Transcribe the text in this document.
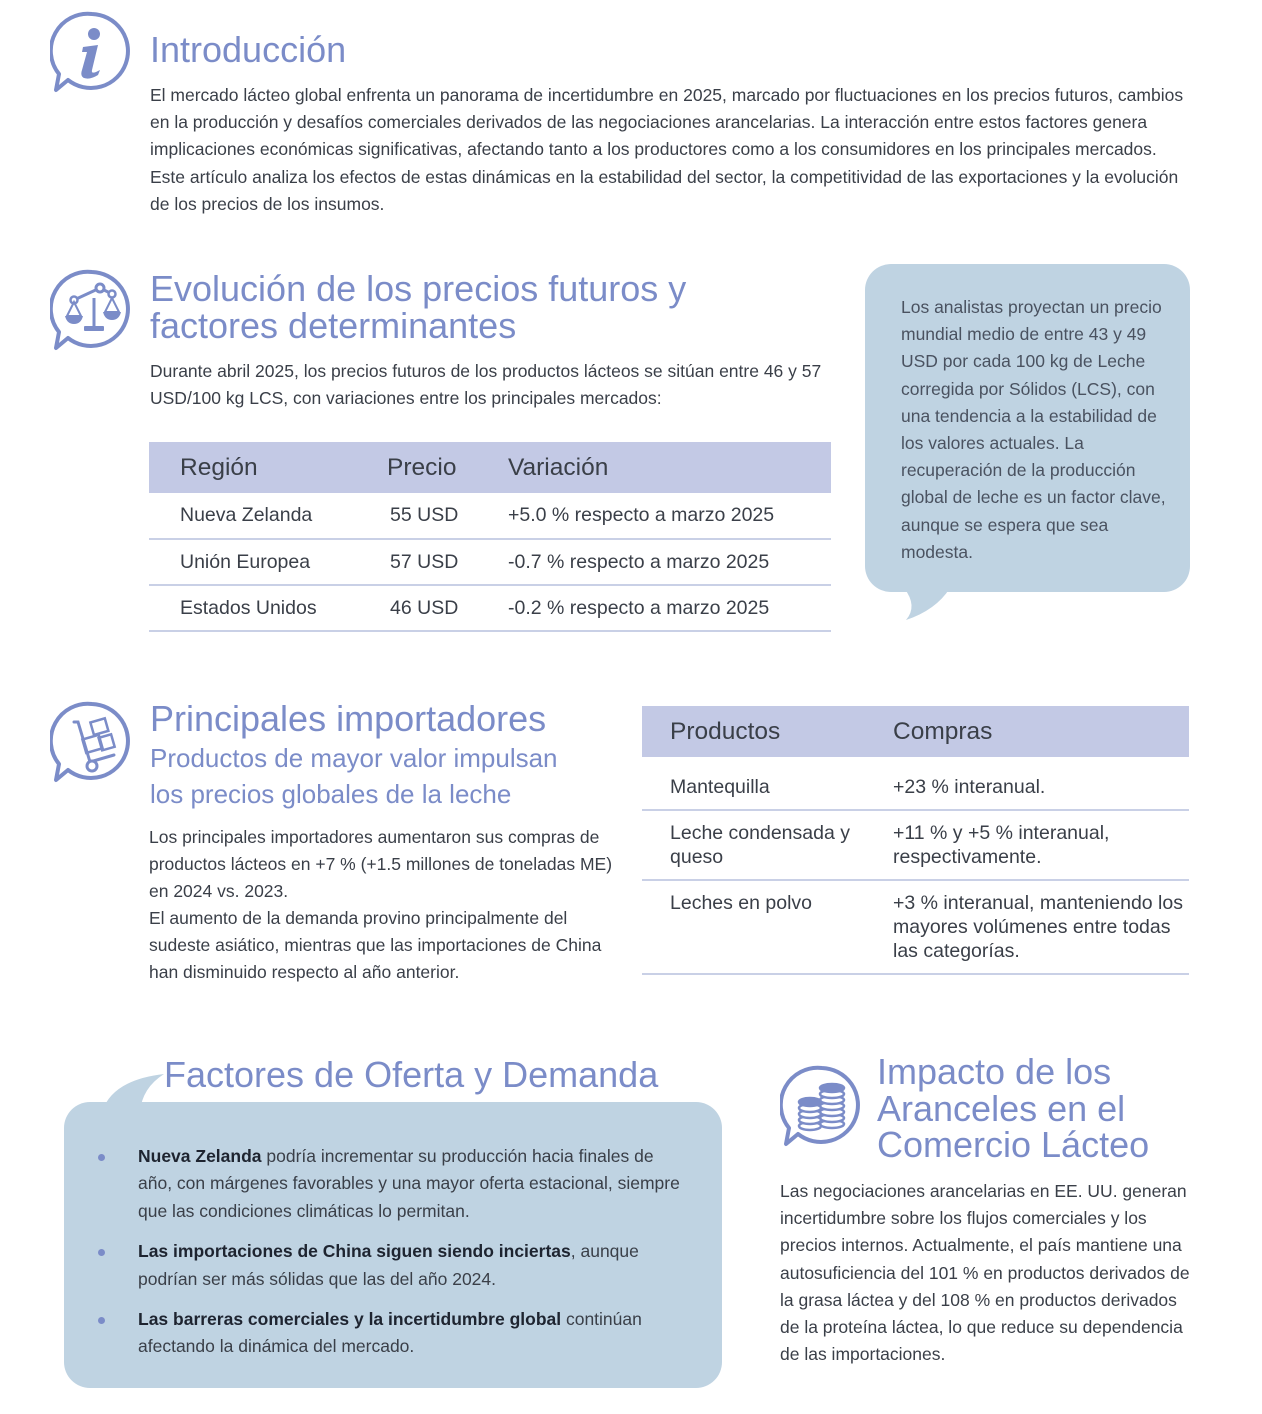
Introducción
El mercado lácteo global enfrenta un panorama de incertidumbre en 2025, marcado por fluctuaciones en los precios futuros, cambios en la producción y desafíos comerciales derivados de las negociaciones arancelarias. La interacción entre estos factores genera implicaciones económicas significativas, afectando tanto a los productores como a los consumidores en los principales mercados. Este artículo analiza los efectos de estas dinámicas en la estabilidad del sector, la competitividad de las exportaciones y la evolución de los precios de los insumos.
Evolución de los precios futuros y
factores determinantes
Durante abril 2025, los precios futuros de los productos lácteos se sitúan entre 46 y 57 USD/100 kg LCS, con variaciones entre los principales mercados:
Región	Precio	Variación
Nueva Zelanda	55 USD	+5.0 % respecto a marzo 2025
Unión Europea	57 USD	-0.7 % respecto a marzo 2025
Estados Unidos	46 USD	-0.2 % respecto a marzo 2025
Los analistas proyectan un precio mundial medio de entre 43 y 49 USD por cada 100 kg de Leche corregida por Sólidos (LCS), con una tendencia a la estabilidad de los valores actuales. La recuperación de la producción global de leche es un factor clave, aunque se espera que sea modesta.
Principales importadores
Productos de mayor valor impulsan
los precios globales de la leche
Los principales importadores aumentaron sus compras de productos lácteos en +7 % (+1.5 millones de toneladas ME) en 2024 vs. 2023.
El aumento de la demanda provino principalmente del sudeste asiático, mientras que las importaciones de China han disminuido respecto al año anterior.
Productos	Compras
Mantequilla	+23 % interanual.
Leche condensada y queso	+11 % y +5 % interanual, respectivamente.
Leches en polvo	+3 % interanual, manteniendo los mayores volúmenes entre todas las categorías.
Factores de Oferta y Demanda
Nueva Zelanda podría incrementar su producción hacia finales de año, con márgenes favorables y una mayor oferta estacional, siempre que las condiciones climáticas lo permitan.
Las importaciones de China siguen siendo inciertas, aunque podrían ser más sólidas que las del año 2024.
Las barreras comerciales y la incertidumbre global continúan afectando la dinámica del mercado.
Impacto de los
Aranceles en el
Comercio Lácteo
Las negociaciones arancelarias en EE. UU. generan incertidumbre sobre los flujos comerciales y los precios internos. Actualmente, el país mantiene una autosuficiencia del 101 % en productos derivados de la grasa láctea y del 108 % en productos derivados de la proteína láctea, lo que reduce su dependencia de las importaciones.
